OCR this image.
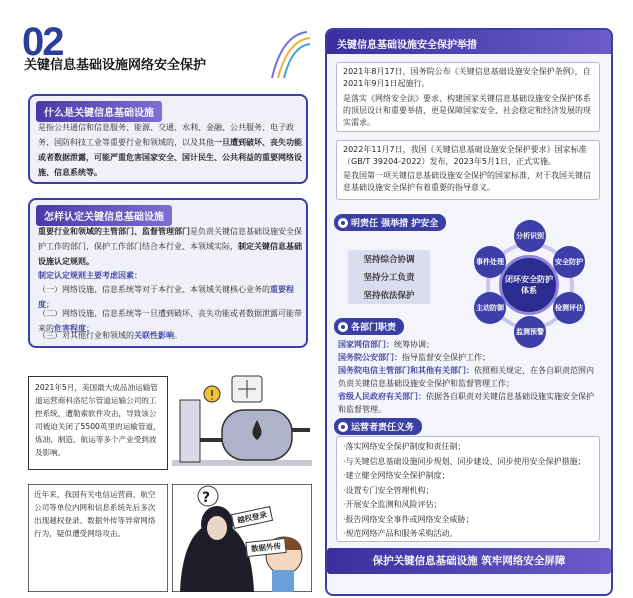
02
关键信息基础设施网络安全保护
什么是关键信息基础设施
是指公共通信和信息服务、能源、交通、水利、金融、公共服务、电子政务、国防科技工业等重要行业和领域的，以及其他一旦遭到破坏、丧失功能或者数据泄露，可能严重危害国家安全、国计民生、公共利益的重要网络设施、信息系统等。
怎样认定关键信息基础设施
重要行业和领域的主管部门、监督管理部门是负责关键信息基础设施安全保护工作的部门，保护工作部门结合本行业、本领域实际，制定关键信息基础设施认定规则。
制定认定规则主要考虑因素：
（一）网络设施、信息系统等对于本行业、本领域关键核心业务的重要程度；
（二）网络设施、信息系统等一旦遭到破坏、丧失功能或者数据泄露可能带来的危害程度；
（三）对其他行业和领域的关联性影响。
2021年5月，美国最大成品油运输管道运营商科洛尼尔管道运输公司的工控系统，遭勒索软件攻击，导致该公司被迫关闭了5500英里的运输管道，炼油、制造、航运等多个产业受到波及影响。
近年来，我国有关电信运营商、航空公司等单位内网和信息系统先后多次出现越权登录、数据外传等异常网络行为，疑似遭受网络攻击。
?
越权登录
数据外传
关键信息基础设施安全保护举措
2021年8月17日，国务院公布《关键信息基础设施安全保护条例》，自2021年9月1日起施行。
是落实《网络安全法》要求、构建国家关键信息基础设施安全保护体系的顶层设计和重要举措，更是保障国家安全、社会稳定和经济发展的现实需求。
2022年11月7日，我国《关键信息基础设施安全保护要求》国家标准（GB/T 39204-2022）发布，2023年5月1日，正式实施。
是我国第一项关键信息基础设施安全保护的国家标准，对于我国关键信息基础设施安全保护有着重要的指导意义。
明责任 强举措 护安全
坚持综合协调
坚持分工负责
坚持依法保护
闭环安全防护体系
分析识别
安全防护
检测评估
监测预警
主动防御
事件处理
各部门职责
国家网信部门：统筹协调；
国务院公安部门：指导监督安全保护工作；
国务院电信主管部门和其他有关部门：依照相关规定，在各自职责范围内负责关键信息基础设施安全保护和监督管理工作；
省级人民政府有关部门：依据各自职责对关键信息基础设施实施安全保护和监督管理。
运营者责任义务
·落实网络安全保护制度和责任制；
·与关键信息基础设施同步规划、同步建设、同步使用安全保护措施；
·建立健全网络安全保护制度；
·设置专门安全管理机构；
·开展安全监测和风险评估；
·报告网络安全事件或网络安全威胁；
·规范网络产品和服务采购活动。
保护关键信息基础设施 筑牢网络安全屏障
